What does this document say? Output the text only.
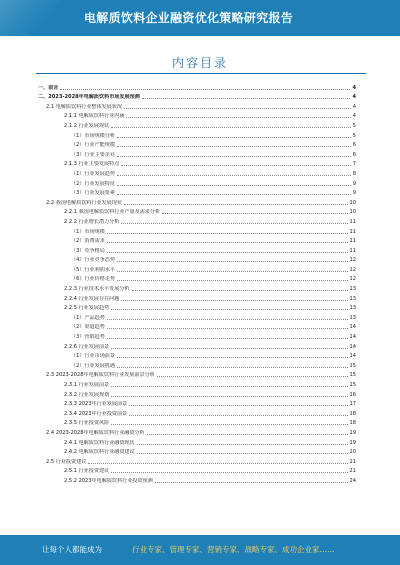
电解质饮料企业融资优化策略研究报告
内容目录
一、前言	4
二、2023-2028年电解质饮料市场发展预测	4
2.1 电解质饮料行业整体发展状况	4
2.1.1 电解质饮料行业内涵	4
2.1.2 行业发展现状	5
（1）市场规模分析	5
（2）行业产能规模	6
（3）行业主要企业	6
2.1.3 行业主要发展特点	7
（1）行业发展趋势	8
（2）行业发展特征	9
（3）行业发展要素	9
2.2 我国电解质饮料行业发展现状	10
2.2.1 我国电解质饮料行业产量及需求分析	10
2.2.2 行业增长潜力分析	11
（1）市场规模	11
（2）消费需求	11
（3）竞争格局	11
（4）行业竞争态势	12
（5）行业利润水平	12
（6）行业价格走势	12
2.2.3 行业技术水平发展分析	13
2.2.4 行业发展存在问题	13
2.2.5 行业发展趋势	13
（1）产品趋势	13
（2）渠道趋势	14
（3）营销趋势	14
2.2.6 行业发展前景	14
（1）行业市场前景	14
（2）行业发展机遇	15
2.3 2023-2028年电解质饮料行业发展前景分析	15
2.3.1 行业发展前景	15
2.3.2 行业发展规划	16
2.3.3 2023年行业发展前景	17
2.3.4 2023年行业投资前景	18
2.3.5 行业投资风险	18
2.4 2023-2028年电解质饮料行业融资分析	19
2.4.1 电解质饮料行业融资现状	19
2.4.2 电解质饮料行业融资建议	20
2.5 行业投资建议	21
2.5.1 行业投资建议	21
2.5.2 2023年电解质饮料行业投资预测	24
让每个人都能成为	行业专家、管理专家、营销专家、战略专家、成功企业家……
